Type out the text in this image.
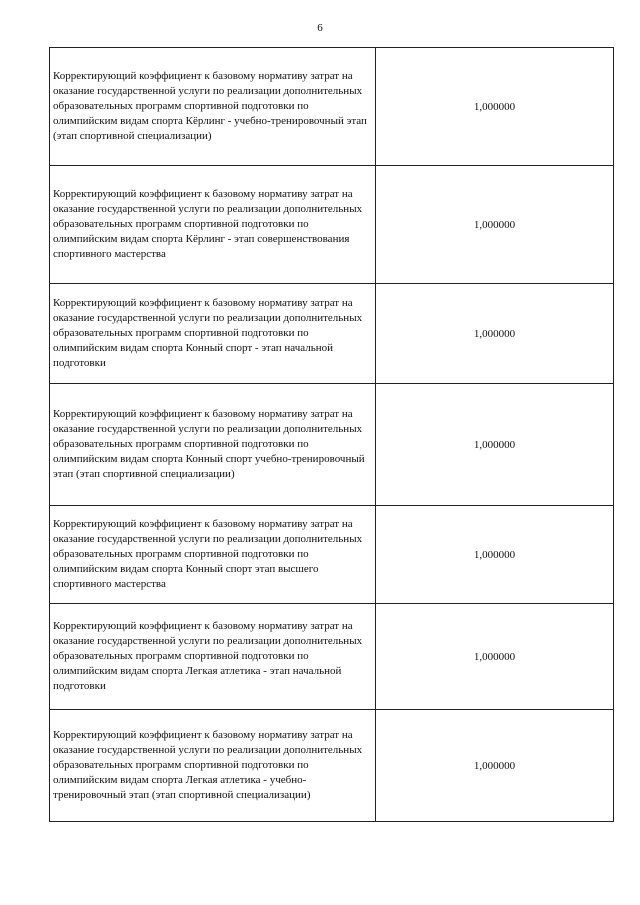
6
Корректирующий коэффициент к базовому нормативу затрат на оказание государственной услуги по реализации дополнительных образовательных программ спортивной подготовки по олимпийским видам спорта Кёрлинг - учебно-тренировочный этап (этап спортивной специализации)	1,000000
Корректирующий коэффициент к базовому нормативу затрат на оказание государственной услуги по реализации дополнительных образовательных программ спортивной подготовки по олимпийским видам спорта Кёрлинг - этап совершенствования спортивного мастерства	1,000000
Корректирующий коэффициент к базовому нормативу затрат на оказание государственной услуги по реализации дополнительных образовательных программ спортивной подготовки по олимпийским видам спорта Конный спорт - этап начальной подготовки	1,000000
Корректирующий коэффициент к базовому нормативу затрат на оказание государственной услуги по реализации дополнительных образовательных программ спортивной подготовки по олимпийским видам спорта Конный спорт учебно-тренировочный этап (этап спортивной специализации)	1,000000
Корректирующий коэффициент к базовому нормативу затрат на оказание государственной услуги по реализации дополнительных образовательных программ спортивной подготовки по олимпийским видам спорта Конный спорт этап высшего спортивного мастерства	1,000000
Корректирующий коэффициент к базовому нормативу затрат на оказание государственной услуги по реализации дополнительных образовательных программ спортивной подготовки по олимпийским видам спорта Легкая атлетика - этап начальной подготовки	1,000000
Корректирующий коэффициент к базовому нормативу затрат на оказание государственной услуги по реализации дополнительных образовательных программ спортивной подготовки по олимпийским видам спорта Легкая атлетика - учебно-тренировочный этап (этап спортивной специализации)	1,000000
